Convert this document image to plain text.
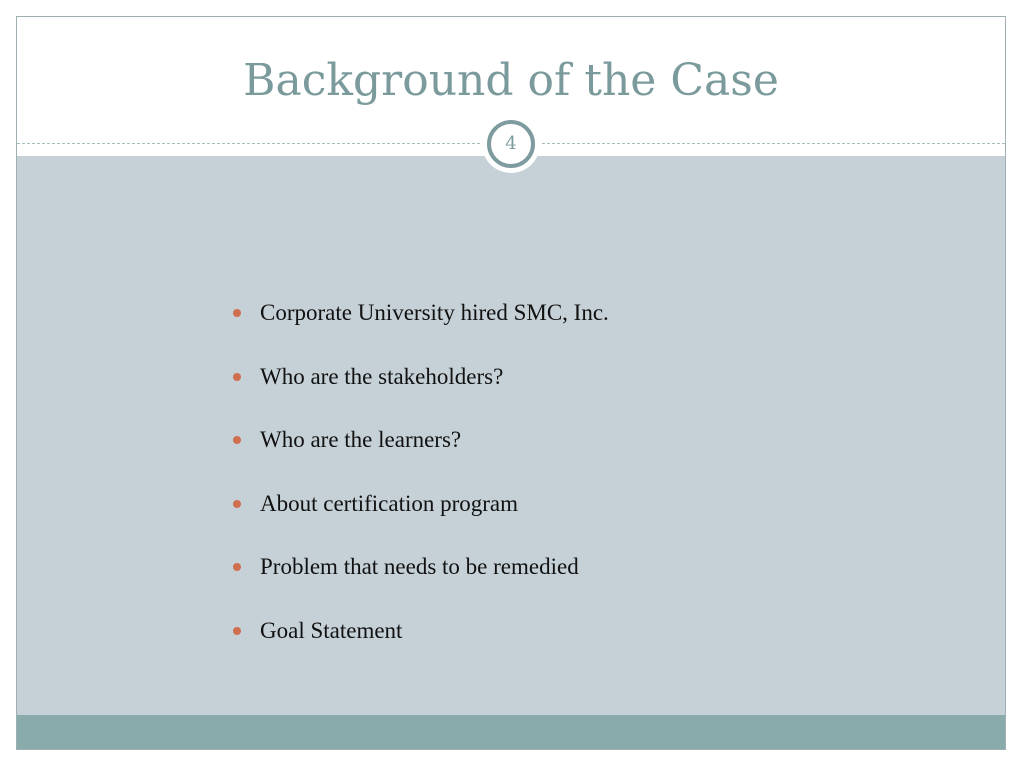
Background of the Case
4
Corporate University hired SMC, Inc.
Who are the stakeholders?
Who are the learners?
About certification program
Problem that needs to be remedied
Goal Statement
